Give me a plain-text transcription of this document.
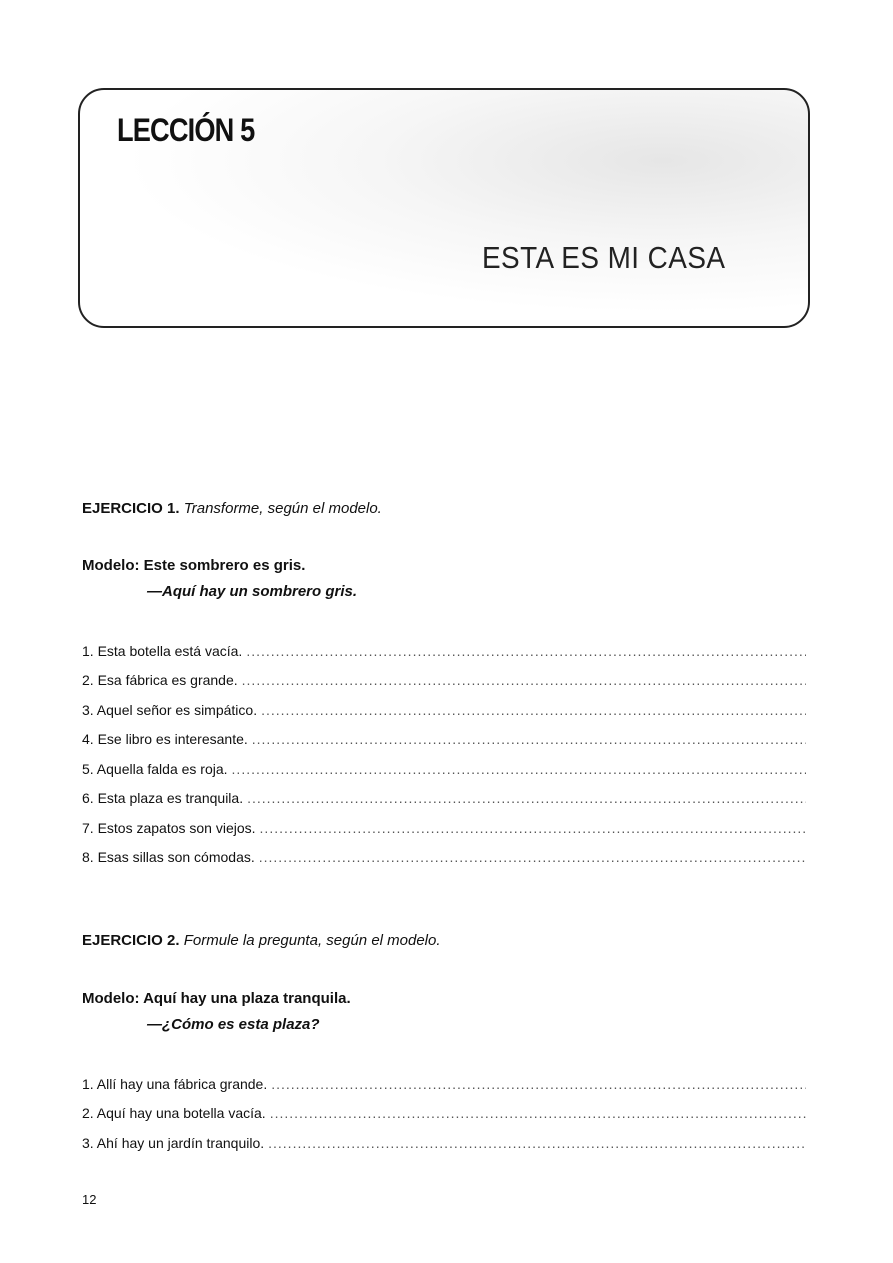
LECCIÓN 5
ESTA ES MI CASA
EJERCICIO 1. Transforme, según el modelo.
Modelo: Este sombrero es gris.
—Aquí hay un sombrero gris.
1. Esta botella está vacía.
.....
2. Esa fábrica es grande.
.....
3. Aquel señor es simpático.
.....
4. Ese libro es interesante.
.....
5. Aquella falda es roja.
.....
6. Esta plaza es tranquila.
.....
7. Estos zapatos son viejos.
.....
8. Esas sillas son cómodas.
.....
EJERCICIO 2. Formule la pregunta, según el modelo.
Modelo: Aquí hay una plaza tranquila.
—¿Cómo es esta plaza?
1. Allí hay una fábrica grande.
.....
2. Aquí hay una botella vacía.
.....
3. Ahí hay un jardín tranquilo.
.....
12
